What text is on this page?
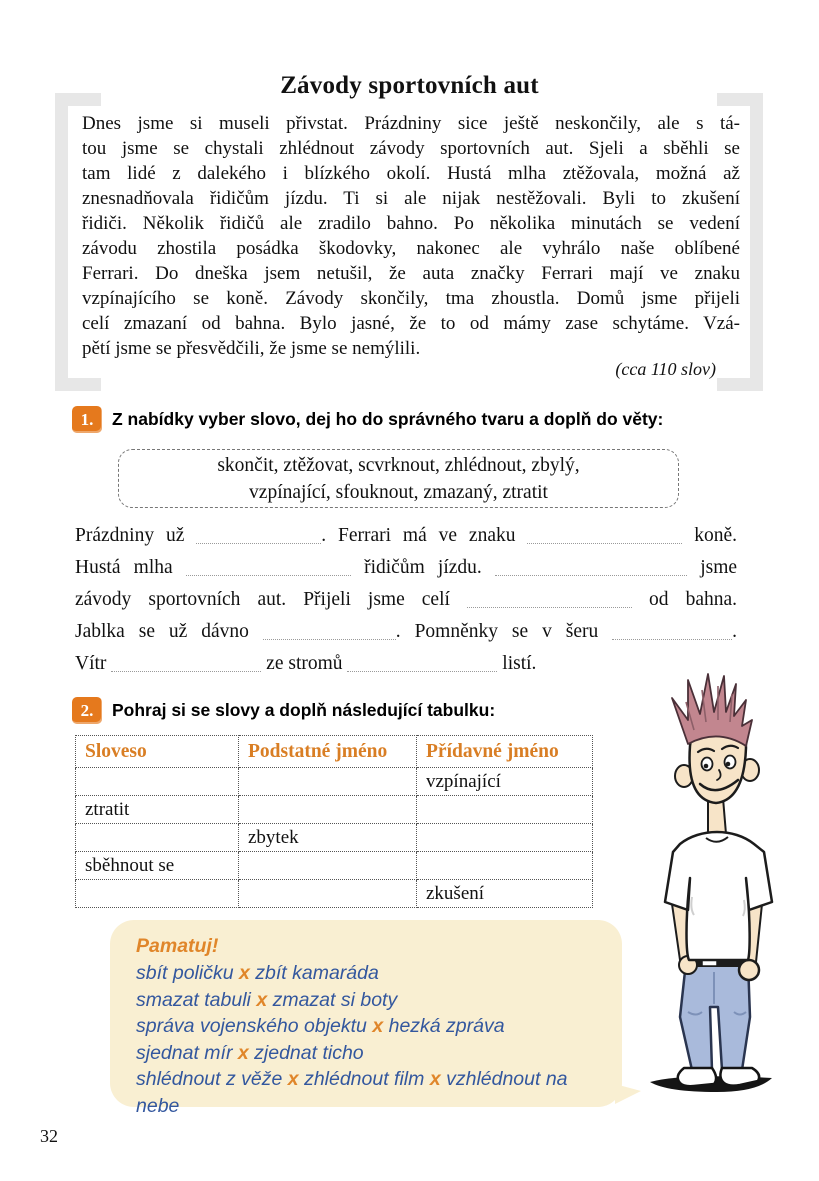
Závody sportovních aut
Dnes jsme si museli přivstat. Prázdniny sice ještě neskončily, ale s tá-
tou jsme se chystali zhlédnout závody sportovních aut. Sjeli a sběhli se
tam lidé z dalekého i blízkého okolí. Hustá mlha ztěžovala, možná až
znesnadňovala řidičům jízdu. Ti si ale nijak nestěžovali. Byli to zkušení
řidiči. Několik řidičů ale zradilo bahno. Po několika minutách se vedení
závodu zhostila posádka škodovky, nakonec ale vyhrálo naše oblíbené
Ferrari. Do dneška jsem netušil, že auta značky Ferrari mají ve znaku
vzpínajícího se koně. Závody skončily, tma zhoustla. Domů jsme přijeli
celí zmazaní od bahna. Bylo jasné, že to od mámy zase schytáme. Vzá-
pětí jsme se přesvědčili, že jsme se nemýlili.
(cca 110 slov)
1.	Z nabídky vyber slovo, dej ho do správného tvaru a doplň do věty:
skončit, ztěžovat, scvrknout, zhlédnout, zbylý,
vzpínající, sfouknout, zmazaný, ztratit
Prázdniny už	. Ferrari má ve znaku	koně.
Hustá mlha	řidičům jízdu.	jsme
závody sportovních aut. Přijeli jsme celí	od bahna.
Jablka se už dávno	. Pomněnky se v šeru	.
Vítr	ze stromů	listí.
2.	Pohraj si se slovy a doplň následující tabulku:
Sloveso	Podstatné jméno	Přídavné jméno
		vzpínající
ztratit		
	zbytek	
sběhnout se		
		zkušení
Pamatuj!
sbít poličku x zbít kamaráda
smazat tabuli x zmazat si boty
správa vojenského objektu x hezká zpráva
sjednat mír x zjednat ticho
shlédnout z věže x zhlédnout film x vzhlédnout na nebe
32
